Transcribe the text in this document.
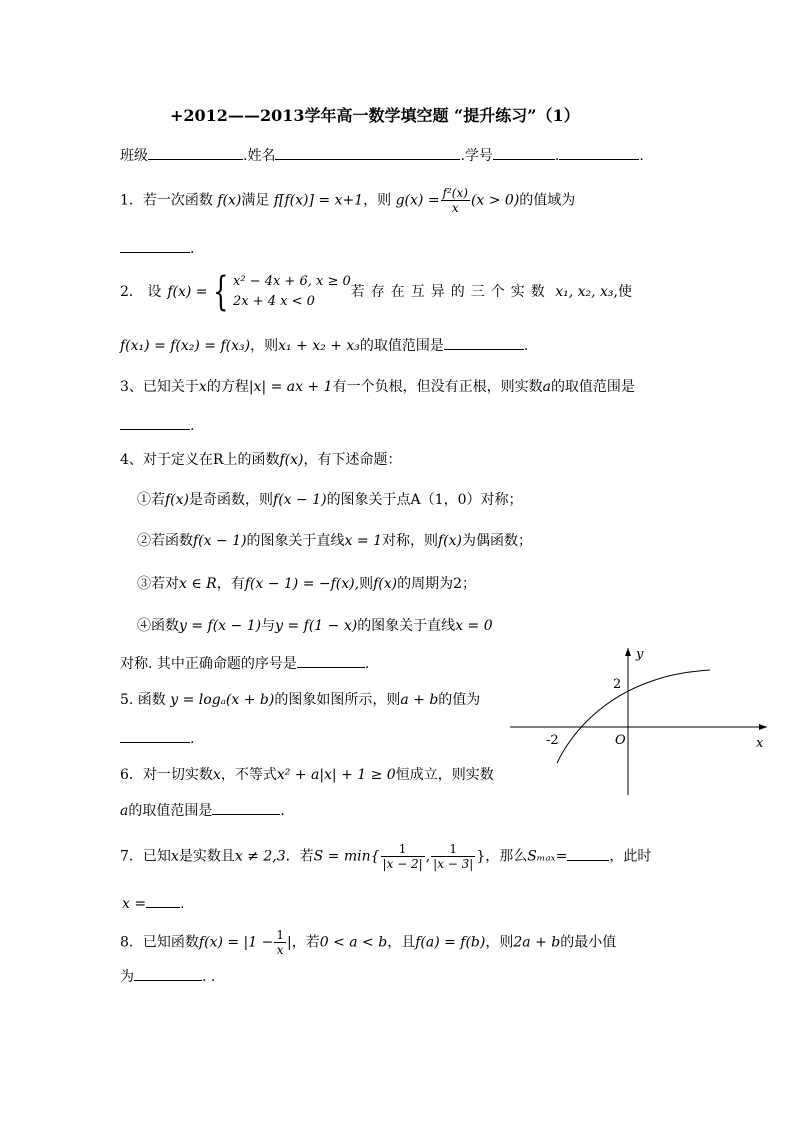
+2012——2013学年高一数学填空题 “提升练习”（1）
班级	.姓名	.学号	.	.
1．若一次函数 f(x)满足 f[f(x)] = x+1，则 $g(x) = \frac{\text{f²(x)}}{x} (x > 0)$的值域为
.
2． 设 f(x) = { x² − 4x + 6, x ≥ 0
2x + 4 x < 0
若存在互异的三个实数 x₁, x₂, x₃,使
f(x₁) = f(x₂) = f(x₃)，则x₁ + x₂ + x₃的取值范围是	.
3、已知关于x的方程|x| = ax + 1有一个负根，但没有正根，则实数a的取值范围是
.
4、对于定义在R上的函数f(x)，有下述命题：
①若f(x)是奇函数，则f(x − 1)的图象关于点A（1，0）对称；
②若函数f(x − 1)的图象关于直线x = 1对称，则f(x)为偶函数；
③若对x ∈ R，有f(x − 1) = −f(x),则f(x)的周期为2；
④函数y = f(x − 1)与y = f(1 − x)的图象关于直线x = 0
对称. 其中正确命题的序号是	.
5. 函数 y = logₐ(x + b)的图象如图所示，则a + b的值为
.
y
x
O
2
-2
6．对一切实数x，不等式x² + a|x| + 1 ≥ 0恒成立，则实数
a的取值范围是	.
7．已知x是实数且x ≠ 2,3．若$S = \min\{ \frac{1}{|x - 2|}$ , $\frac{1}{|x - 3|}$ }，那么Sₘₐₓ=	，此时
x = .
8．已知函数$f(x) = |1 - \frac{1}{x}$ |，若0 < a < b，且f(a) = f(b)，则2a + b的最小值
为	. .
